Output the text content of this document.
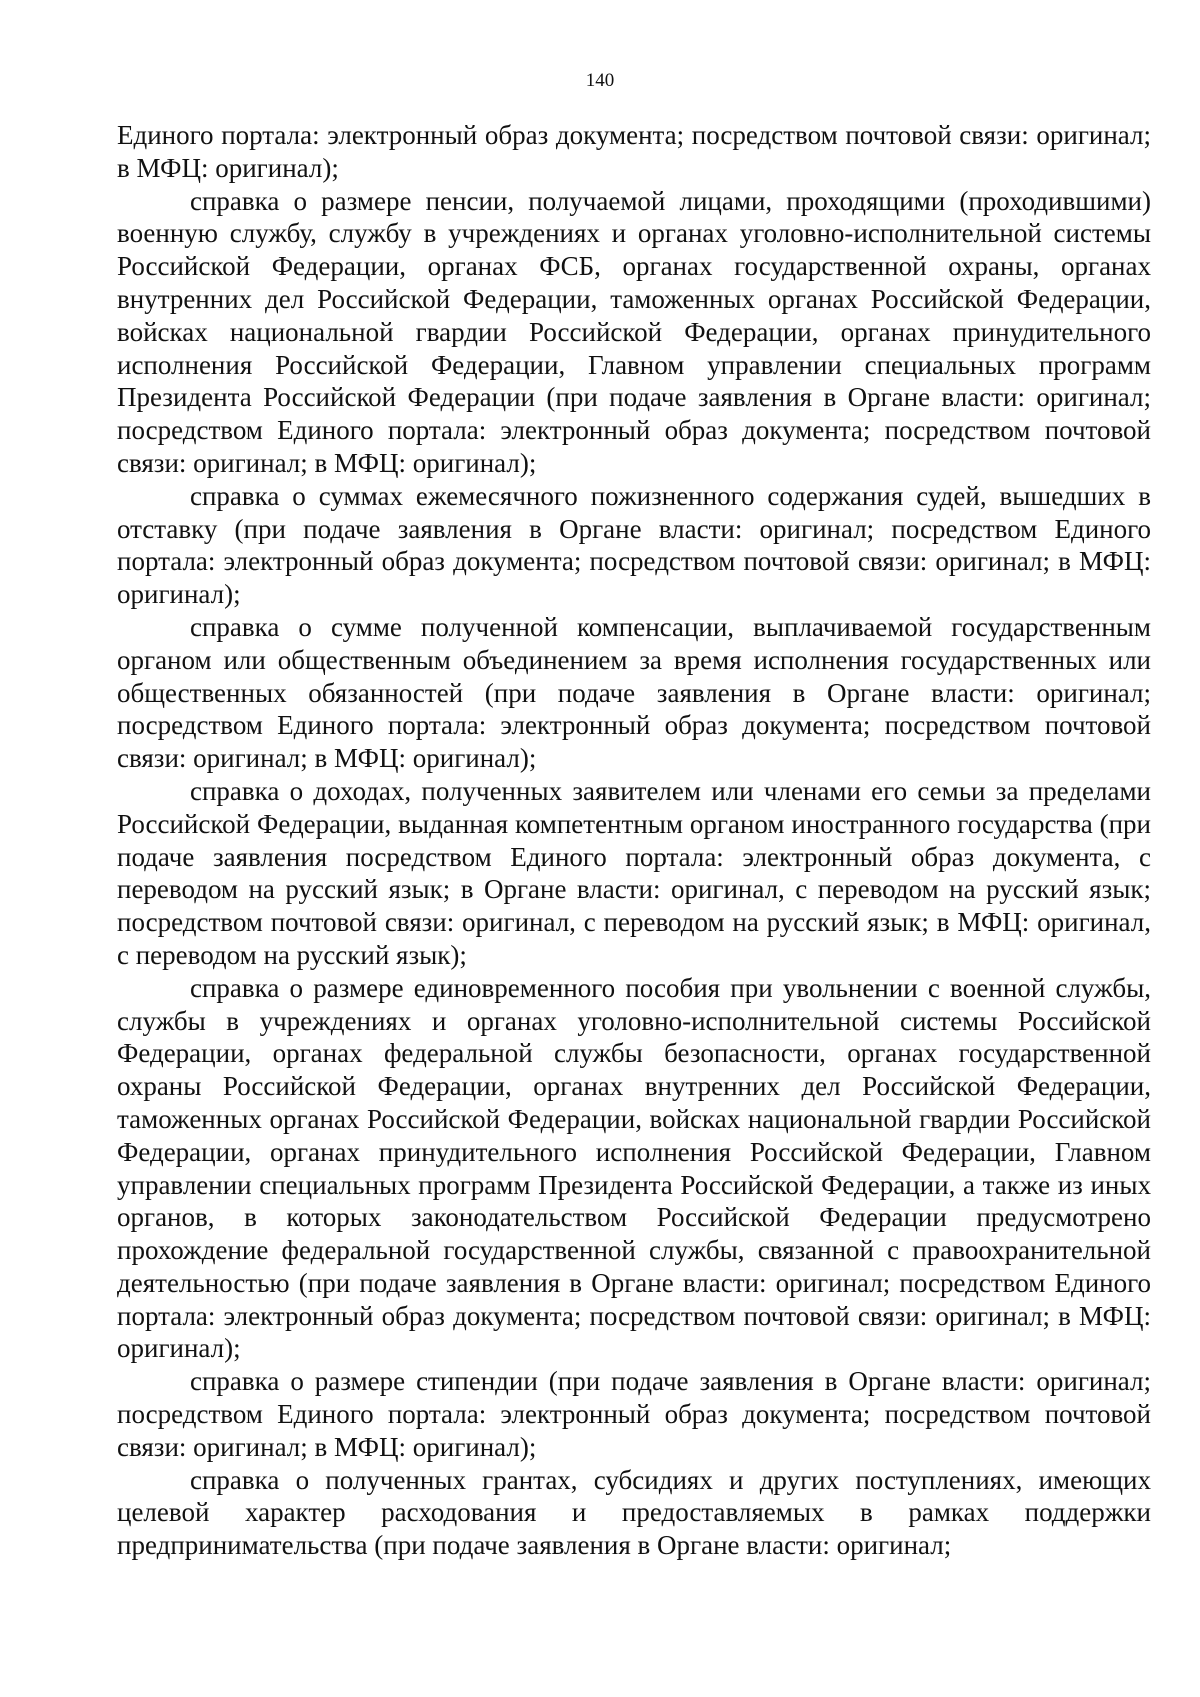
140

Единого портала: электронный образ документа; посредством почтовой связи: оригинал; в МФЦ: оригинал);

справка о размере пенсии, получаемой лицами, проходящими (проходившими) военную службу, службу в учреждениях и органах уголовно-исполнительной системы Российской Федерации, органах ФСБ, органах государственной охраны, органах внутренних дел Российской Федерации, таможенных органах Российской Федерации, войсках национальной гвардии Российской Федерации, органах принудительного исполнения Российской Федерации, Главном управлении специальных программ Президента Российской Федерации (при подаче заявления в Органе власти: оригинал; посредством Единого портала: электронный образ документа; посредством почтовой связи: оригинал; в МФЦ: оригинал);

справка о суммах ежемесячного пожизненного содержания судей, вышедших в отставку (при подаче заявления в Органе власти: оригинал; посредством Единого портала: электронный образ документа; посредством почтовой связи: оригинал; в МФЦ: оригинал);

справка о сумме полученной компенсации, выплачиваемой государственным органом или общественным объединением за время исполнения государственных или общественных обязанностей (при подаче заявления в Органе власти: оригинал; посредством Единого портала: электронный образ документа; посредством почтовой связи: оригинал; в МФЦ: оригинал);

справка о доходах, полученных заявителем или членами его семьи за пределами Российской Федерации, выданная компетентным органом иностранного государства (при подаче заявления посредством Единого портала: электронный образ документа, с переводом на русский язык; в Органе власти: оригинал, с переводом на русский язык; посредством почтовой связи: оригинал, с переводом на русский язык; в МФЦ: оригинал, с переводом на русский язык);

справка о размере единовременного пособия при увольнении с военной службы, службы в учреждениях и органах уголовно-исполнительной системы Российской Федерации, органах федеральной службы безопасности, органах государственной охраны Российской Федерации, органах внутренних дел Российской Федерации, таможенных органах Российской Федерации, войсках национальной гвардии Российской Федерации, органах принудительного исполнения Российской Федерации, Главном управлении специальных программ Президента Российской Федерации, а также из иных органов, в которых законодательством Российской Федерации предусмотрено прохождение федеральной государственной службы, связанной с правоохранительной деятельностью (при подаче заявления в Органе власти: оригинал; посредством Единого портала: электронный образ документа; посредством почтовой связи: оригинал; в МФЦ: оригинал);

справка о размере стипендии (при подаче заявления в Органе власти: оригинал; посредством Единого портала: электронный образ документа; посредством почтовой связи: оригинал; в МФЦ: оригинал);

справка о полученных грантах, субсидиях и других поступлениях, имеющих целевой характер расходования и предоставляемых в рамках поддержки предпринимательства (при подаче заявления в Органе власти: оригинал;
